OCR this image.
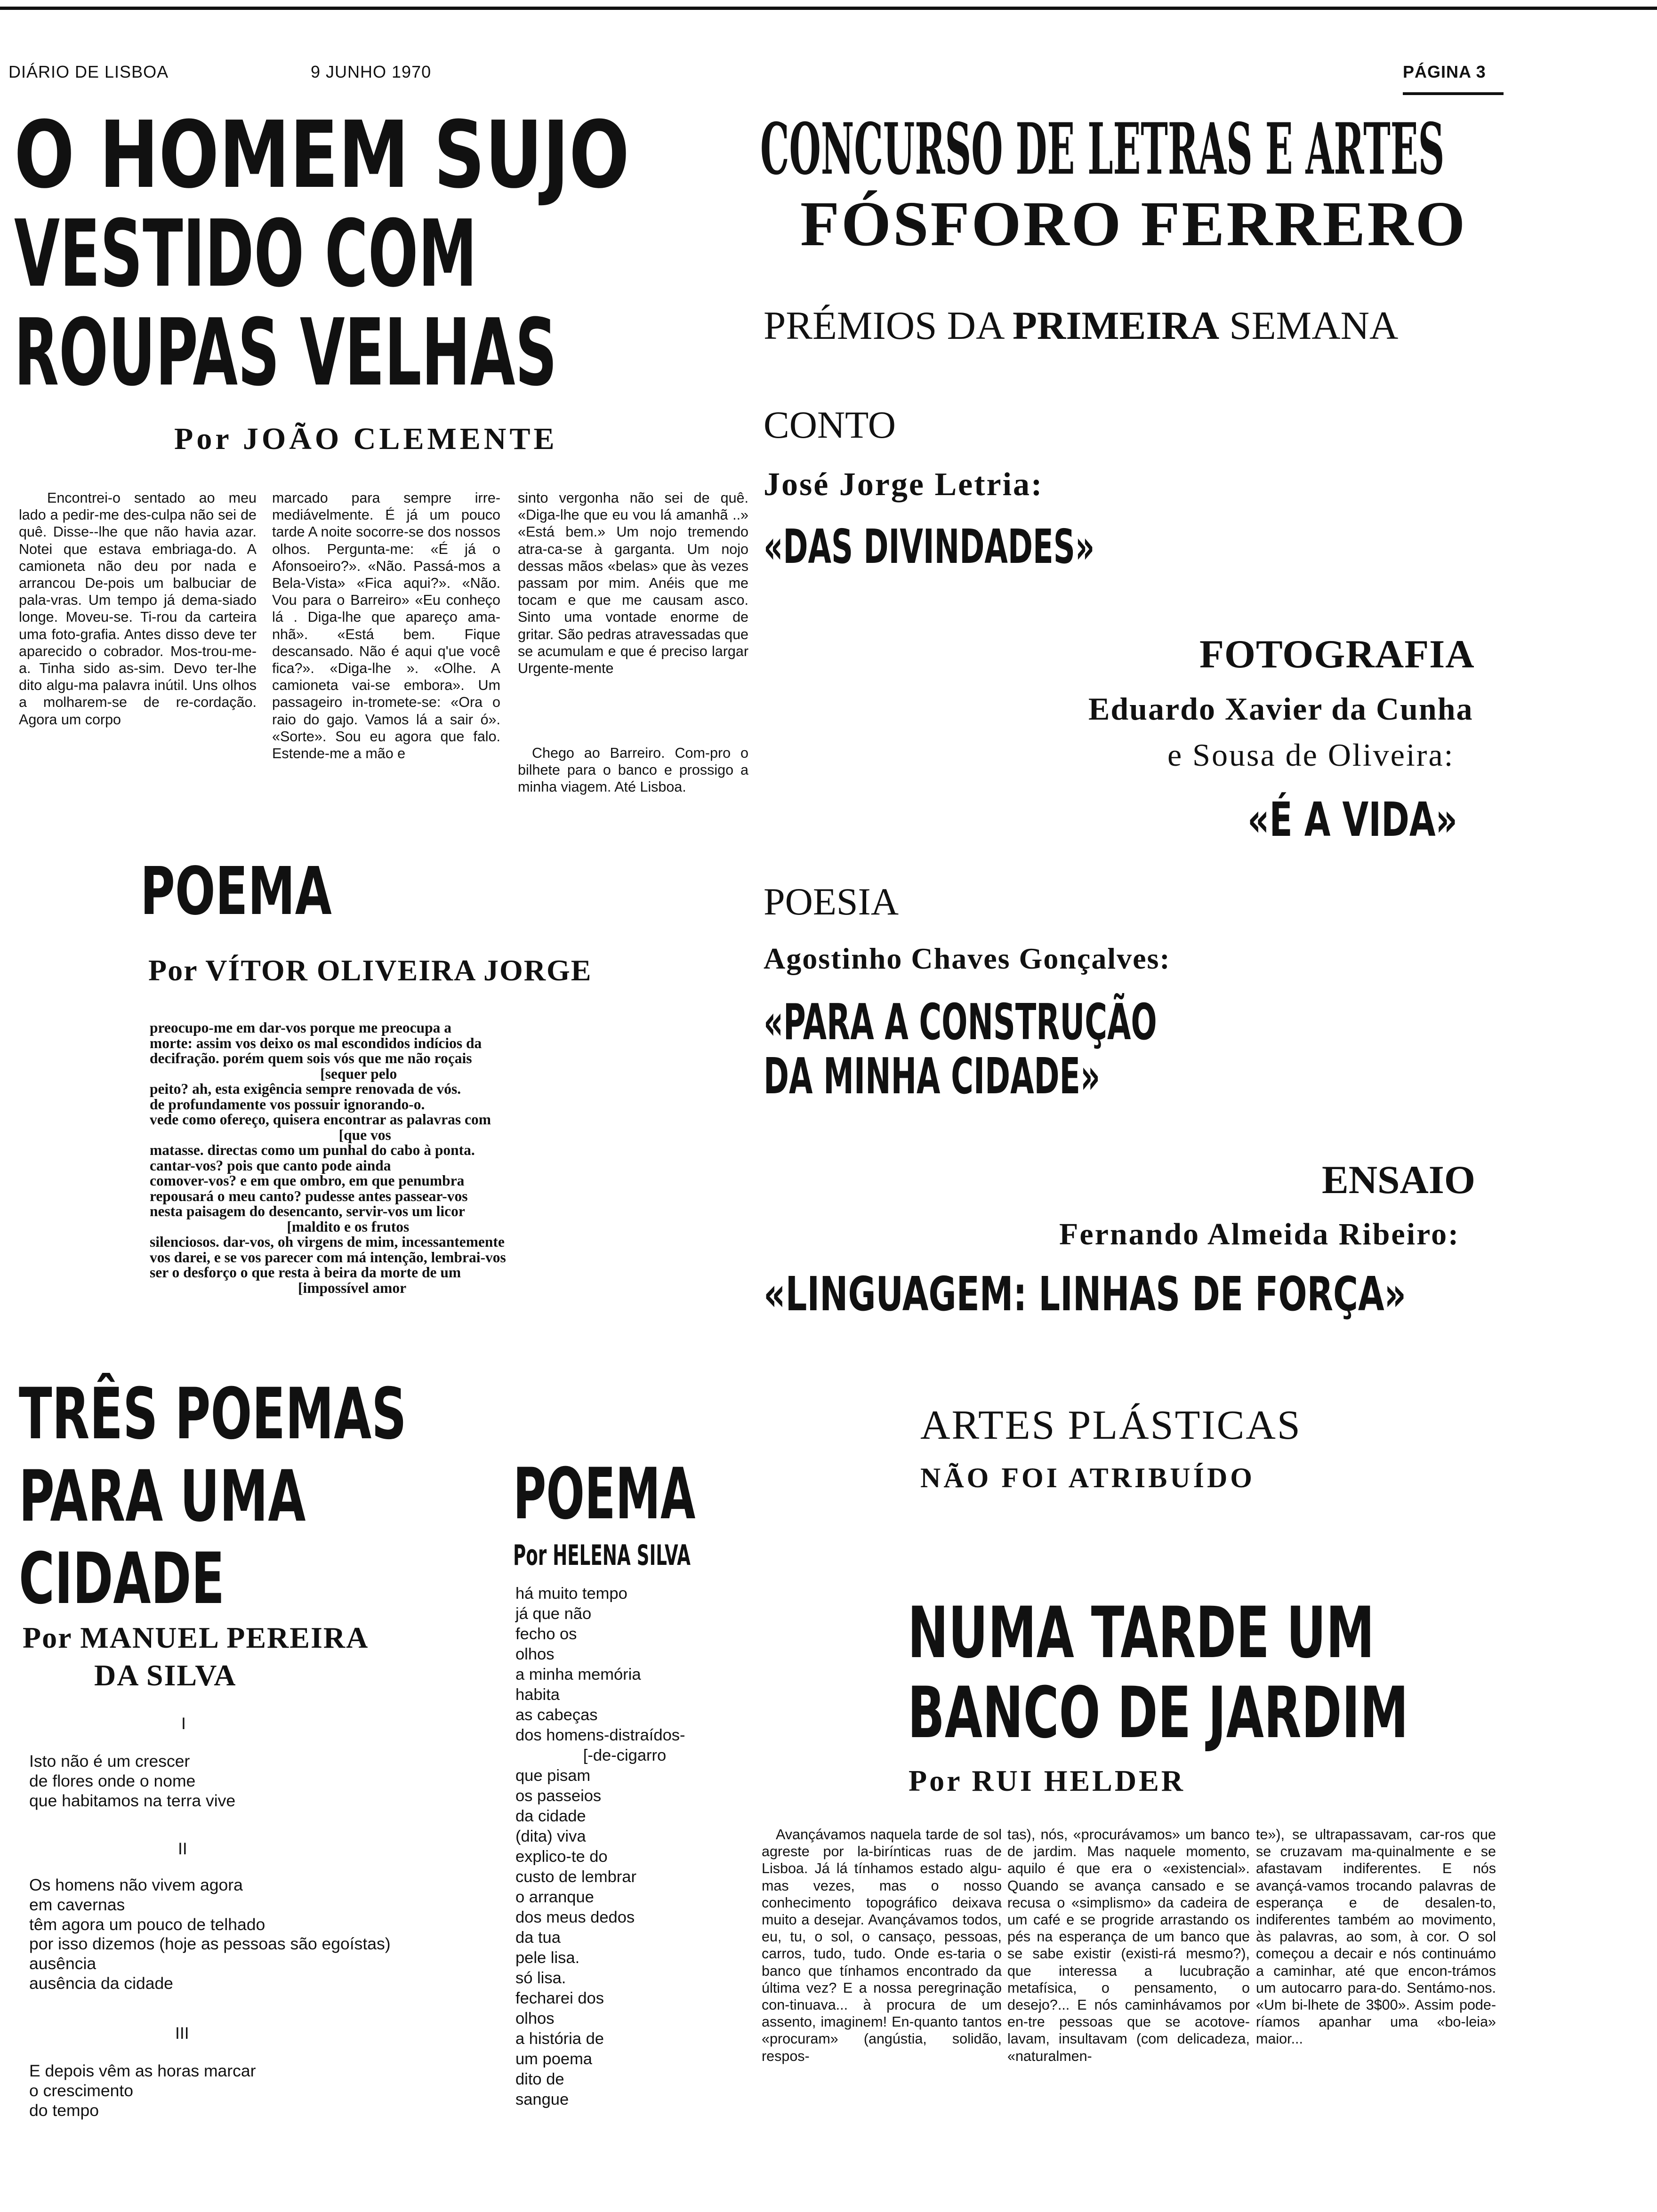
DIÁRIO DE LISBOA	9 JUNHO 1970	PÁGINA 3
O HOMEM SUJO
VESTIDO COM
ROUPAS VELHAS
Por JOÃO CLEMENTE

Encontrei-o sentado ao meu lado a pedir-me des-culpa não sei de quê. Disse--lhe que não havia azar. Notei que estava embriaga-do. A camioneta não deu por nada e arrancou De-pois um balbuciar de pala-vras. Um tempo já dema-siado longe. Moveu-se. Ti-rou da carteira uma foto-grafia. Antes disso deve ter aparecido o cobrador. Mos-trou-me-a. Tinha sido as-sim. Devo ter-lhe dito algu-ma palavra inútil. Uns olhos a molharem-se de re-cordação. Agora um corpo

marcado para sempre irre-mediávelmente. É já um pouco tarde A noite socorre-se dos nossos olhos. Pergunta-me: «É já o Afonsoeiro?». «Não. Passá-mos a Bela-Vista» «Fica aqui?». «Não. Vou para o Barreiro» «Eu conheço lá . Diga-lhe que apareço ama-nhã». «Está bem. Fique descansado. Não é aqui q'ue você fica?». «Diga-lhe ». «Olhe. A camioneta vai-se embora». Um passageiro in-tromete-se: «Ora o raio do gajo. Vamos lá a sair ó». «Sorte». Sou eu agora que falo. Estende-me a mão e

sinto vergonha não sei de quê. «Diga-lhe que eu vou lá amanhã ..» «Está bem.» Um nojo tremendo atra-ca-se à garganta. Um nojo dessas mãos «belas» que às vezes passam por mim. Anéis que me tocam e que me causam asco. Sinto uma vontade enorme de gritar. São pedras atravessadas que se acumulam e que é preciso largar Urgente-mente

Chego ao Barreiro. Com-pro o bilhete para o banco e prossigo a minha viagem. Até Lisboa.

POEMA
Por VÍTOR OLIVEIRA JORGE

preocupo-me em dar-vos porque me preocupa a

morte: assim vos deixo os mal escondidos indícios da

decifração. porém quem sois vós que me não roçais

[sequer pelo

peito? ah, esta exigência sempre renovada de vós.

de profundamente vos possuir ignorando-o.

vede como ofereço, quisera encontrar as palavras com

[que vos

matasse. directas como um punhal do cabo à ponta.

cantar-vos? pois que canto pode ainda

comover-vos? e em que ombro, em que penumbra

repousará o meu canto? pudesse antes passear-vos

nesta paisagem do desencanto, servir-vos um licor

[maldito e os frutos

silenciosos. dar-vos, oh virgens de mim, incessantemente

vos darei, e se vos parecer com má intenção, lembrai-vos

ser o desforço o que resta à beira da morte de um

[impossível amor

TRÊS POEMAS
PARA UMA
CIDADE
Por MANUEL PEREIRA
DA SILVA
I

Isto não é um crescer

de flores onde o nome

que habitamos na terra vive

II

Os homens não vivem agora

em cavernas

têm agora um pouco de telhado

por isso dizemos (hoje as pessoas são egoístas)

ausência

ausência da cidade

III

E depois vêm as horas marcar

o crescimento

do tempo

POEMA
Por HELENA SILVA

há muito tempo

já que não

fecho os

olhos

a minha memória

habita

as cabeças

dos homens-distraídos-

[-de-cigarro

que pisam

os passeios

da cidade

(dita) viva

explico-te do

custo de lembrar

o arranque

dos meus dedos

da tua

pele lisa.

só lisa.

fecharei dos

olhos

a história de

um poema

dito de

sangue

CONCURSO DE LETRAS E ARTES
FÓSFORO FERRERO
PRÉMIOS DA PRIMEIRA SEMANA
CONTO
José Jorge Letria:
«DAS DIVINDADES»
FOTOGRAFIA
Eduardo Xavier da Cunha
e Sousa de Oliveira:
«É A VIDA»
POESIA
Agostinho Chaves Gonçalves:
«PARA A CONSTRUÇÃO
DA MINHA CIDADE»
ENSAIO
Fernando Almeida Ribeiro:
«LINGUAGEM: LINHAS DE FORÇA»
ARTES PLÁSTICAS
NÃO FOI ATRIBUÍDO
NUMA TARDE UM
BANCO DE JARDIM
Por RUI HELDER

Avançávamos naquela tarde de sol agreste por la-birínticas ruas de Lisboa. Já lá tínhamos estado algu-mas vezes, mas o nosso conhecimento topográfico deixava muito a desejar. Avançávamos todos, eu, tu, o sol, o cansaço, pessoas, carros, tudo, tudo. Onde es-taria o banco que tínhamos encontrado da última vez? E a nossa peregrinação con-tinuava... à procura de um assento, imaginem! En-quanto tantos «procuram» (angústia, solidão, respos-

tas), nós, «procurávamos» um banco de jardim. Mas naquele momento, aquilo é que era o «existencial». Quando se avança cansado e se recusa o «simplismo» da cadeira de um café e se progride arrastando os pés na esperança de um banco que se sabe existir (existi-rá mesmo?), que interessa a lucubração metafísica, o pensamento, o desejo?... E nós caminhávamos por en-tre pessoas que se acotove-lavam, insultavam (com delicadeza, «naturalmen-

te»), se ultrapassavam, car-ros que se cruzavam ma-quinalmente e se afastavam indiferentes. E nós avançá-vamos trocando palavras de esperança e de desalen-to, indiferentes também ao movimento, às palavras, ao som, à cor. O sol começou a decair e nós continuámo a caminhar, até que encon-trámos um autocarro para-do. Sentámo-nos. «Um bi-lhete de 3$00». Assim pode-ríamos apanhar uma «bo-leia» maior...
